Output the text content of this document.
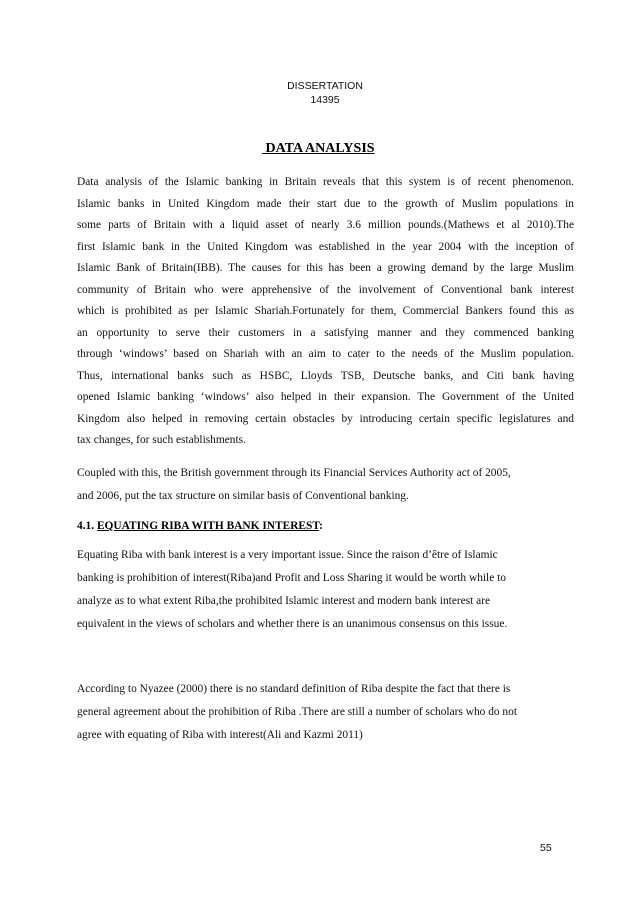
DISSERTATION
14395
DATA ANALYSIS
Data analysis of the Islamic banking in Britain reveals that this system is of recent phenomenon.
Islamic banks in United Kingdom made their start due to the growth of Muslim populations in
some parts of Britain with a liquid asset of nearly 3.6 million pounds.(Mathews et al 2010).The
first Islamic bank in the United Kingdom was established in the year 2004 with the inception of
Islamic Bank of Britain(IBB). The causes for this has been a growing demand by the large Muslim
community of Britain who were apprehensive of the involvement of Conventional bank interest
which is prohibited as per Islamic Shariah.Fortunately for them, Commercial Bankers found this as
an opportunity to serve their customers in a satisfying manner and they commenced banking
through ‘windows’ based on Shariah with an aim to cater to the needs of the Muslim population.
Thus, international banks such as HSBC, Lloyds TSB, Deutsche banks, and Citi bank having
opened Islamic banking ‘windows’ also helped in their expansion. The Government of the United
Kingdom also helped in removing certain obstacles by introducing certain specific legislatures and
tax changes, for such establishments.
Coupled with this, the British government through its Financial Services Authority act of 2005,
and 2006, put the tax structure on similar basis of Conventional banking.
4.1. EQUATING RIBA WITH BANK INTEREST:
Equating Riba with bank interest is a very important issue. Since the raison d’être of Islamic
banking is prohibition of interest(Riba)and Profit and Loss Sharing it would be worth while to
analyze as to what extent Riba,the prohibited Islamic interest and modern bank interest are
equivalent in the views of scholars and whether there is an unanimous consensus on this issue.
According to Nyazee (2000) there is no standard definition of Riba despite the fact that there is
general agreement about the prohibition of Riba .There are still a number of scholars who do not
agree with equating of Riba with interest(Ali and Kazmi 2011)
55
